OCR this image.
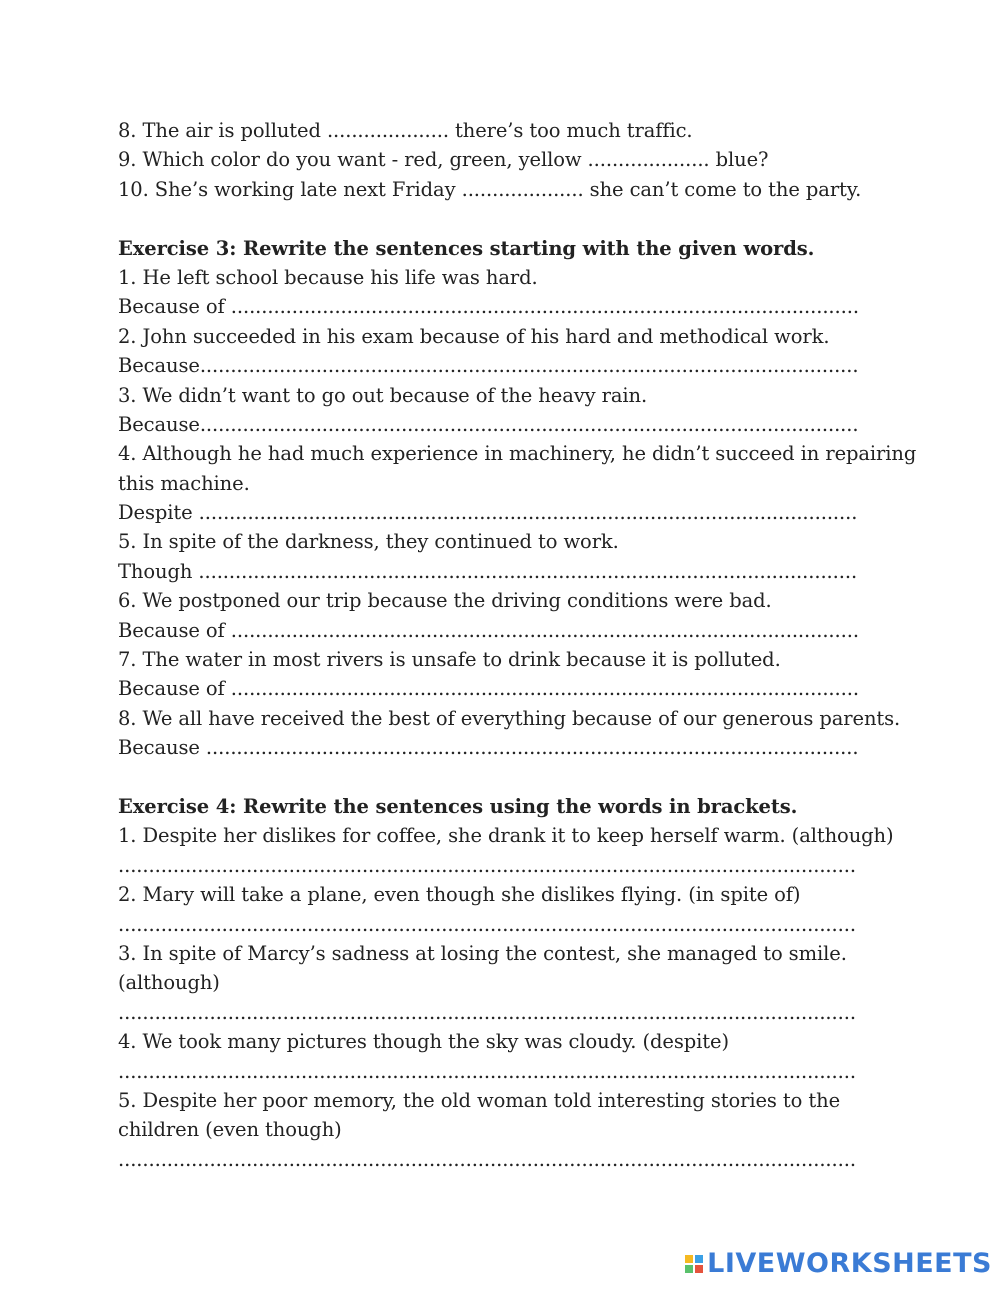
8. The air is polluted .................... there’s too much traffic.
9. Which color do you want - red, green, yellow .................... blue?
10. She’s working late next Friday .................... she can’t come to the party.
Exercise 3: Rewrite the sentences starting with the given words.
1. He left school because his life was hard.
Because of .......................................................................................................
2. John succeeded in his exam because of his hard and methodical work.
Because............................................................................................................
3. We didn’t want to go out because of the heavy rain.
Because............................................................................................................
4. Although he had much experience in machinery, he didn’t succeed in repairing
this machine.
Despite ............................................................................................................
5. In spite of the darkness, they continued to work.
Though ............................................................................................................
6. We postponed our trip because the driving conditions were bad.
Because of .......................................................................................................
7. The water in most rivers is unsafe to drink because it is polluted.
Because of .......................................................................................................
8. We all have received the best of everything because of our generous parents.
Because ...........................................................................................................
Exercise 4: Rewrite the sentences using the words in brackets.
1. Despite her dislikes for coffee, she drank it to keep herself warm. (although)
.........................................................................................................................
2. Mary will take a plane, even though she dislikes flying. (in spite of)
.........................................................................................................................
3. In spite of Marcy’s sadness at losing the contest, she managed to smile.
(although)
.........................................................................................................................
4. We took many pictures though the sky was cloudy. (despite)
.........................................................................................................................
5. Despite her poor memory, the old woman told interesting stories to the
children (even though)
.........................................................................................................................
LIVEWORKSHEETS
